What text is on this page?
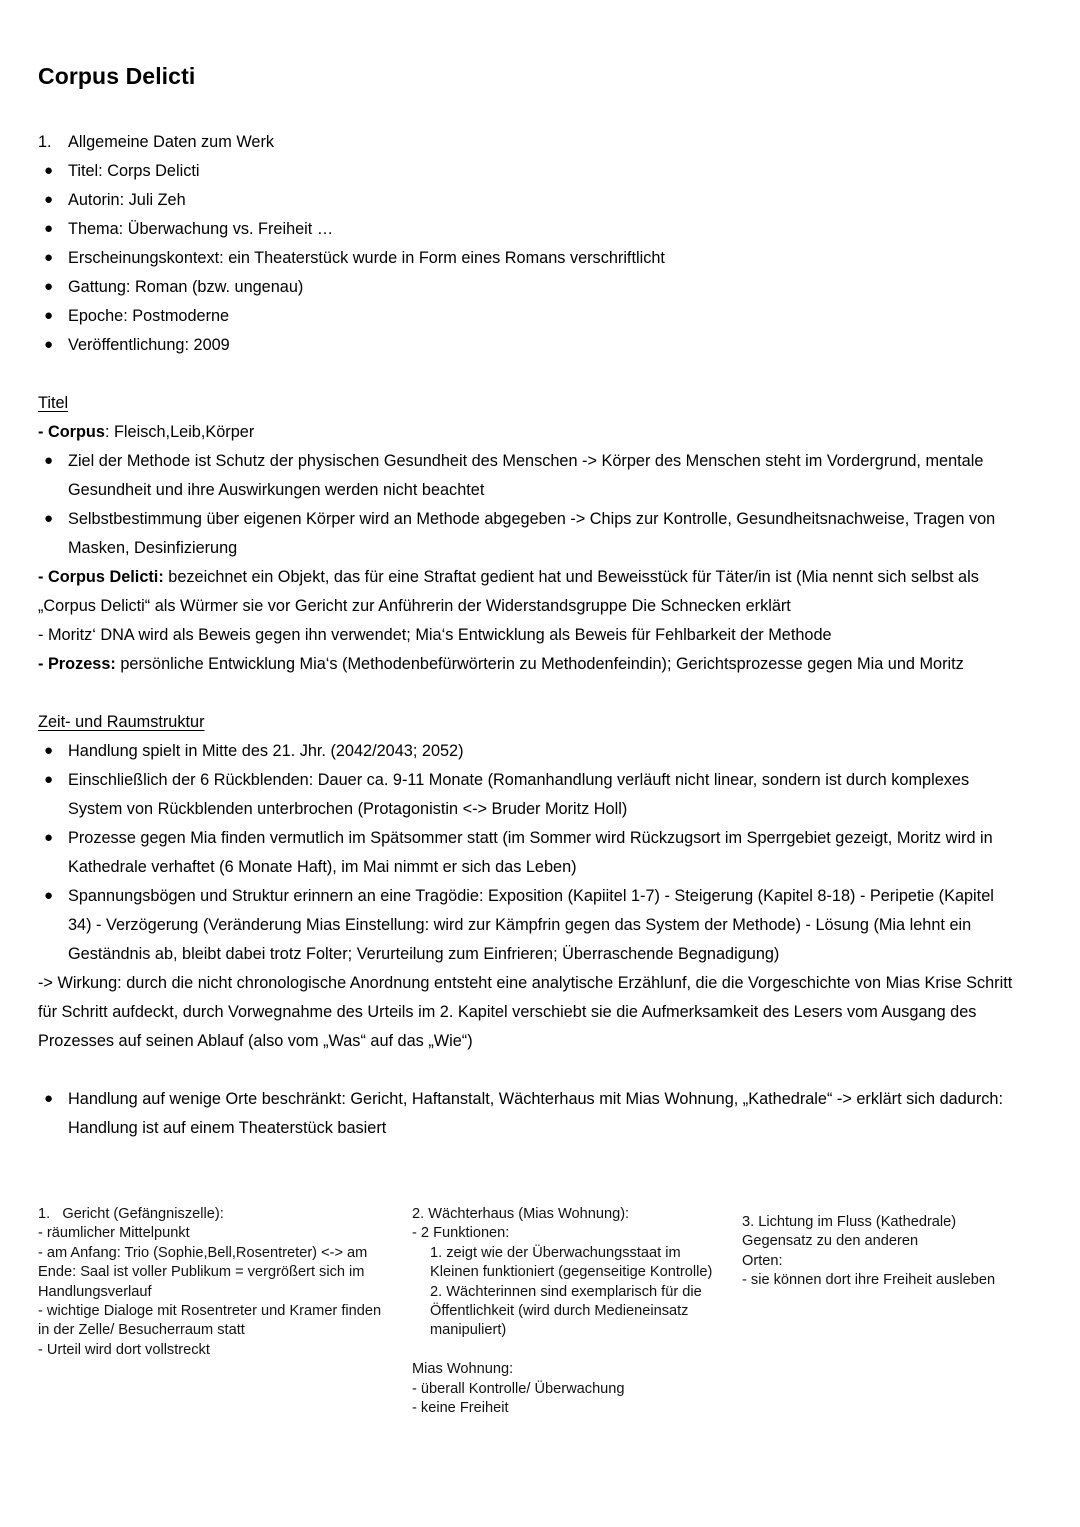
Corpus Delicti
1.	Allgemeine Daten zum Werk
● Titel: Corps Delicti
● Autorin: Juli Zeh
● Thema: Überwachung vs. Freiheit …
● Erscheinungskontext: ein Theaterstück wurde in Form eines Romans verschriftlicht
● Gattung: Roman (bzw. ungenau)
● Epoche: Postmoderne
● Veröffentlichung: 2009
Titel
- Corpus: Fleisch,Leib,Körper
● Ziel der Methode ist Schutz der physischen Gesundheit des Menschen -> Körper des Menschen steht im Vordergrund, mentale Gesundheit und ihre Auswirkungen werden nicht beachtet
● Selbstbestimmung über eigenen Körper wird an Methode abgegeben -> Chips zur Kontrolle, Gesundheitsnachweise, Tragen von Masken, Desinfizierung
- Corpus Delicti: bezeichnet ein Objekt, das für eine Straftat gedient hat und Beweisstück für Täter/in ist (Mia nennt sich selbst als „Corpus Delicti“ als Würmer sie vor Gericht zur Anführerin der Widerstandsgruppe Die Schnecken erklärt
- Moritz‘ DNA wird als Beweis gegen ihn verwendet; Mia‘s Entwicklung als Beweis für Fehlbarkeit der Methode
- Prozess: persönliche Entwicklung Mia‘s (Methodenbefürwörterin zu Methodenfeindin); Gerichtsprozesse gegen Mia und Moritz
Zeit- und Raumstruktur
● Handlung spielt in Mitte des 21. Jhr. (2042/2043; 2052)
● Einschließlich der 6 Rückblenden: Dauer ca. 9-11 Monate (Romanhandlung verläuft nicht linear, sondern ist durch komplexes System von Rückblenden unterbrochen (Protagonistin <-> Bruder Moritz Holl)
● Prozesse gegen Mia finden vermutlich im Spätsommer statt (im Sommer wird Rückzugsort im Sperrgebiet gezeigt, Moritz wird in Kathedrale verhaftet (6 Monate Haft), im Mai nimmt er sich das Leben)
● Spannungsbögen und Struktur erinnern an eine Tragödie: Exposition (Kapiitel 1-7) - Steigerung (Kapitel 8-18) - Peripetie (Kapitel 34) - Verzögerung (Veränderung Mias Einstellung: wird zur Kämpfrin gegen das System der Methode) - Lösung (Mia lehnt ein Geständnis ab, bleibt dabei trotz Folter; Verurteilung zum Einfrieren; Überraschende Begnadigung)
-> Wirkung: durch die nicht chronologische Anordnung entsteht eine analytische Erzählunf, die die Vorgeschichte von Mias Krise Schritt für Schritt aufdeckt, durch Vorwegnahme des Urteils im 2. Kapitel verschiebt sie die Aufmerksamkeit des Lesers vom Ausgang des Prozesses auf seinen Ablauf (also vom „Was“ auf das „Wie“)
● Handlung auf wenige Orte beschränkt: Gericht, Haftanstalt, Wächterhaus mit Mias Wohnung, „Kathedrale“ -> erklärt sich dadurch: Handlung ist auf einem Theaterstück basiert

1. Gericht (Gefängniszelle):

- räumlicher Mittelpunkt

- am Anfang: Trio (Sophie,Bell,Rosentreter) <-> am Ende: Saal ist voller Publikum = vergrößert sich im Handlungsverlauf

- wichtige Dialoge mit Rosentreter und Kramer finden in der Zelle/ Besucherraum statt

- Urteil wird dort vollstreckt

2. Wächterhaus (Mias Wohnung):

- 2 Funktionen:

1. zeigt wie der Überwachungsstaat im Kleinen funktioniert (gegenseitige Kontrolle)

2. Wächterinnen sind exemplarisch für die Öffentlichkeit (wird durch Medieneinsatz manipuliert)

Mias Wohnung:

- überall Kontrolle/ Überwachung

- keine Freiheit

3. Lichtung im Fluss (Kathedrale)

Gegensatz zu den anderen

Orten:

- sie können dort ihre Freiheit ausleben
